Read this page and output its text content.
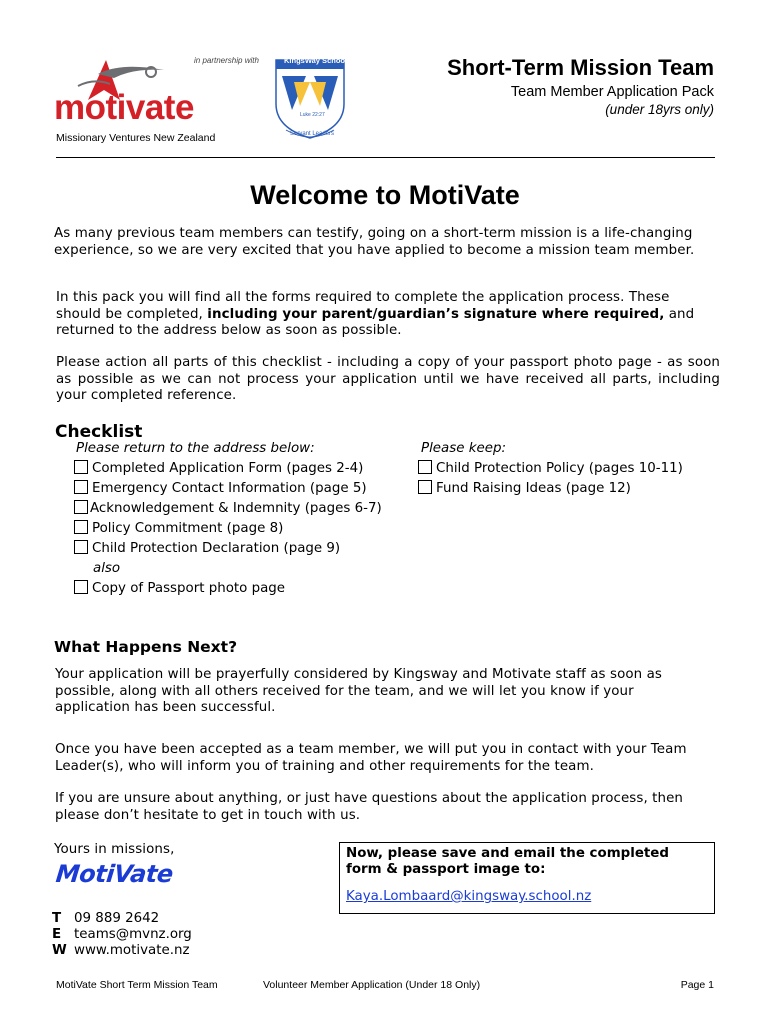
motivate
Missionary Ventures New Zealand
in partnership with	KingsWay School
Luke 22:27
Servant Leaders
Short-Term Mission Team
Team Member Application Pack
(under 18yrs only)
Welcome to MotiVate
As many previous team members can testify, going on a short-term mission is a life-changing experience, so we are very excited that you have applied to become a mission team member.
In this pack you will find all the forms required to complete the application process. These should be completed, including your parent/guardian’s signature where required, and returned to the address below as soon as possible.
Please action all parts of this checklist - including a copy of your passport photo page - as soon as possible as we can not process your application until we have received all parts, including your completed reference.
Checklist
Please return to the address below:	Please keep:
Completed Application Form (pages 2-4)
Emergency Contact Information (page 5)
Acknowledgement & Indemnity (pages 6-7)
Policy Commitment (page 8)
Child Protection Declaration (page 9)
also
Copy of Passport photo page
Child Protection Policy (pages 10-11)
Fund Raising Ideas (page 12)
What Happens Next?
Your application will be prayerfully considered by Kingsway and Motivate staff as soon as possible, along with all others received for the team, and we will let you know if your application has been successful.
Once you have been accepted as a team member, we will put you in contact with your Team Leader(s), who will inform you of training and other requirements for the team.
If you are unsure about anything, or just have questions about the application process, then please don’t hesitate to get in touch with us.
Yours in missions,
MotiVate
T 09 889 2642
E teams@mvnz.org
W www.motivate.nz
Now, please save and email the completed form & passport image to:
Kaya.Lombaard@kingsway.school.nz
MotiVate Short Term Mission Team	Volunteer Member Application (Under 18 Only)	Page 1
